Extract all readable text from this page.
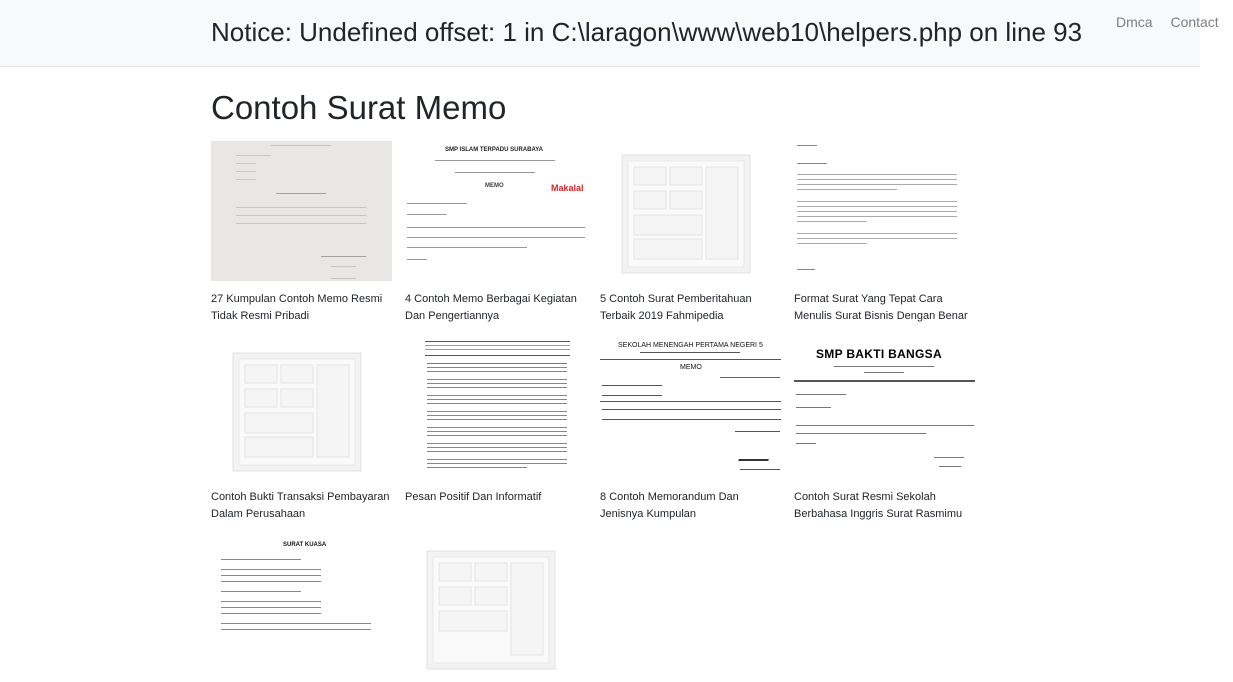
Notice: Undefined offset: 1 in C:\laragon\www\web10\helpers.php on line 93 Dmca Contact
Contoh Surat Memo
27 Kumpulan Contoh Memo Resmi Tidak Resmi Pribadi
SMP ISLAM TERPADU SURABAYA
MEMO	Makalal
4 Contoh Memo Berbagai Kegiatan Dan Pengertiannya
5 Contoh Surat Pemberitahuan Terbaik 2019 Fahmipedia
Format Surat Yang Tepat Cara Menulis Surat Bisnis Dengan Benar
Contoh Bukti Transaksi Pembayaran Dalam Perusahaan
Pesan Positif Dan Informatif
SEKOLAH MENENGAH PERTAMA NEGERI 5
MEMO
8 Contoh Memorandum Dan Jenisnya Kumpulan
SMP BAKTI BANGSA
Contoh Surat Resmi Sekolah Berbahasa Inggris Surat Rasmimu
SURAT KUASA
